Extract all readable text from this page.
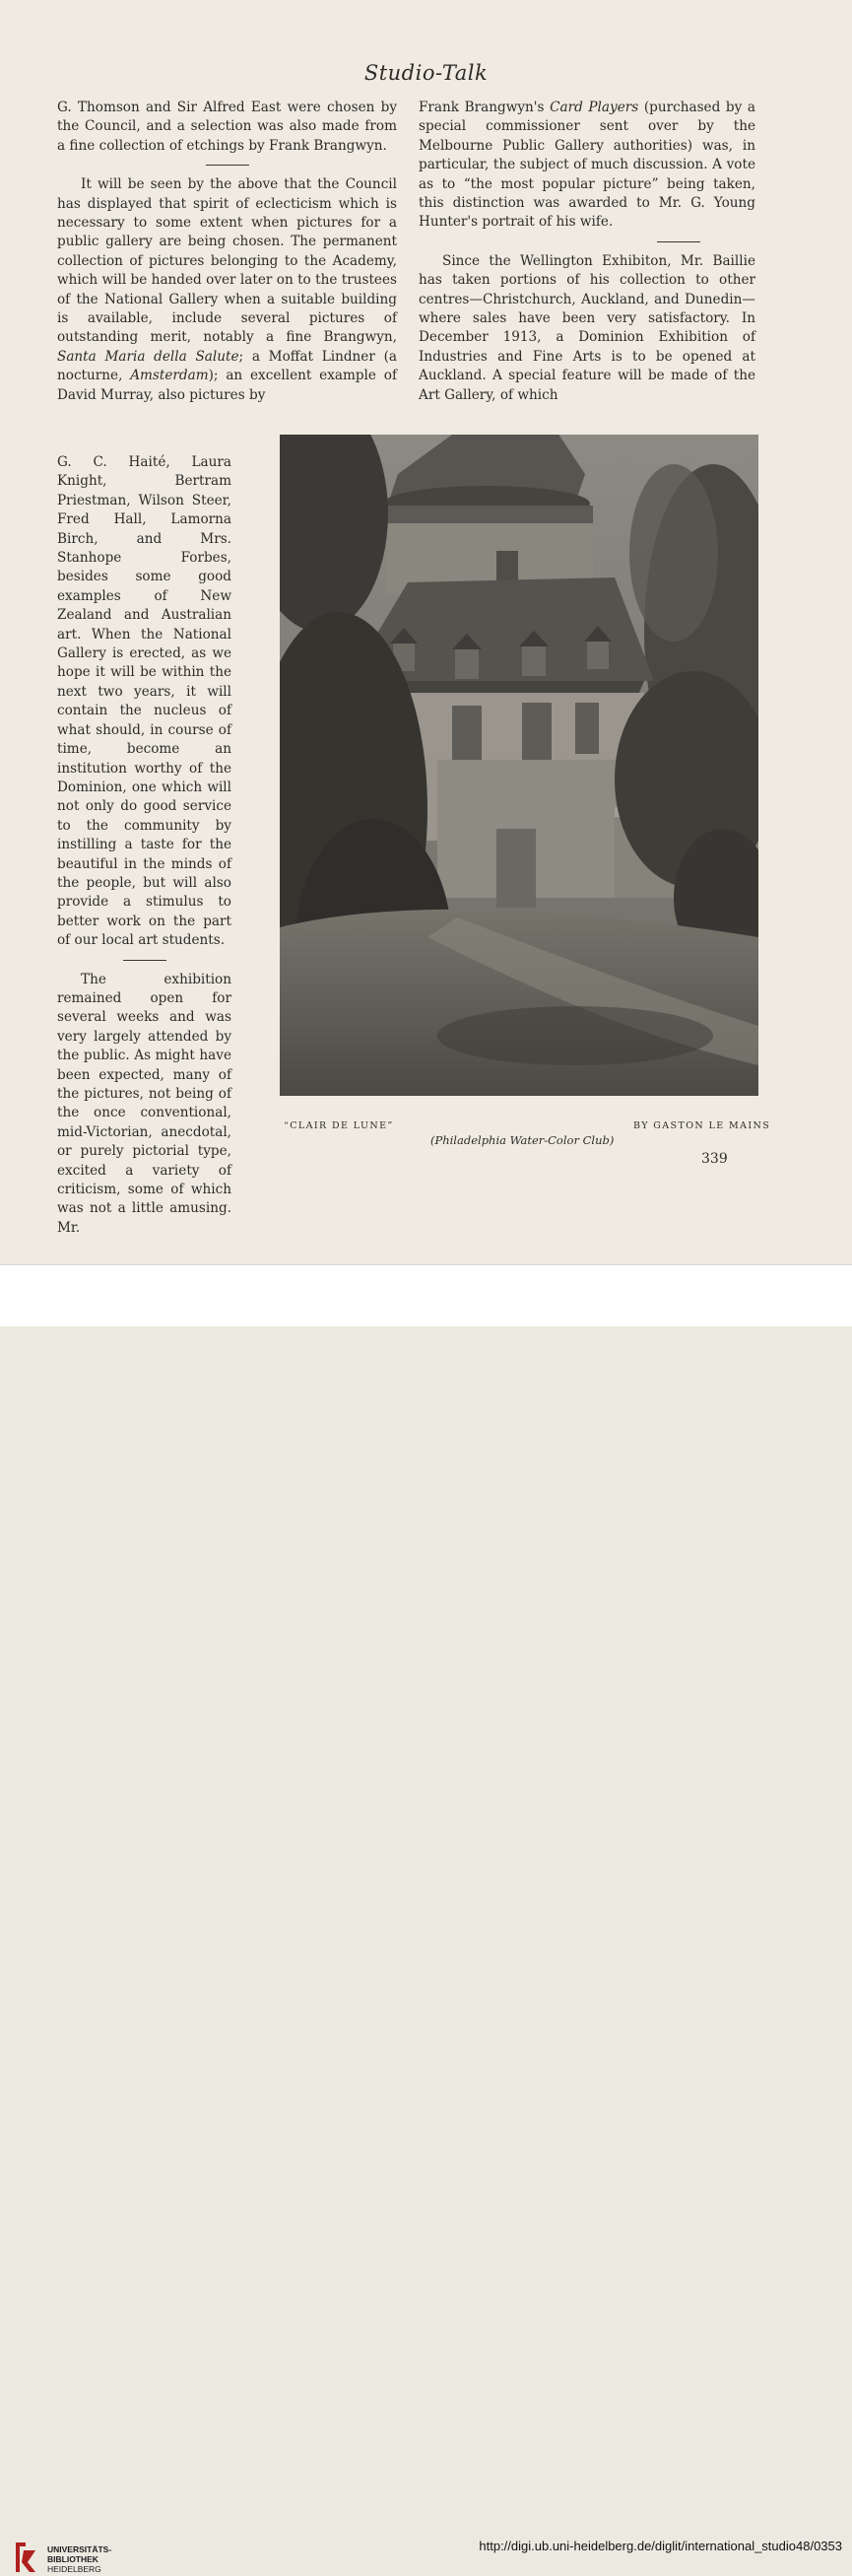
Studio-Talk

G. Thomson and Sir Alfred East were chosen by the Council, and a selection was also made from a fine collection of etchings by Frank Brangwyn.

It will be seen by the above that the Council has displayed that spirit of eclecticism which is necessary to some extent when pictures for a public gallery are being chosen. The permanent collection of pictures belonging to the Academy, which will be handed over later on to the trustees of the National Gallery when a suitable building is available, include several pictures of outstanding merit, notably a fine Brangwyn, Santa Maria della Salute; a Moffat Lindner (a nocturne, Amsterdam); an excellent example of David Murray, also pictures by

G. C. Haité, Laura Knight, Bertram Priestman, Wilson Steer, Fred Hall, Lamorna Birch, and Mrs. Stanhope Forbes, besides some good examples of New Zealand and Australian art. When the National Gallery is erected, as we hope it will be within the next two years, it will contain the nucleus of what should, in course of time, become an institution worthy of the Dominion, one which will not only do good service to the community by instilling a taste for the beautiful in the minds of the people, but will also provide a stimulus to better work on the part of our local art students.

The exhibition remained open for several weeks and was very largely attended by the public. As might have been expected, many of the pictures, not being of the once conventional, mid-Victorian, anecdotal, or purely pictorial type, excited a variety of criticism, some of which was not a little amusing. Mr.

Frank Brangwyn's Card Players (purchased by a special commissioner sent over by the Melbourne Public Gallery authorities) was, in particular, the subject of much discussion. A vote as to “the most popular picture” being taken, this distinction was awarded to Mr. G. Young Hunter's portrait of his wife.

Since the Wellington Exhibiton, Mr. Baillie has taken portions of his collection to other centres—Christchurch, Auckland, and Dunedin—where sales have been very satisfactory. In December 1913, a Dominion Exhibition of Industries and Fine Arts is to be opened at Auckland. A special feature will be made of the Art Gallery, of which

“CLAIR DE LUNE”	BY GASTON LE MAINS
(Philadelphia Water-Color Club)
339
UNIVERSITÄTS-
BIBLIOTHEK
HEIDELBERG
http://digi.ub.uni-heidelberg.de/diglit/international_studio48/0353
